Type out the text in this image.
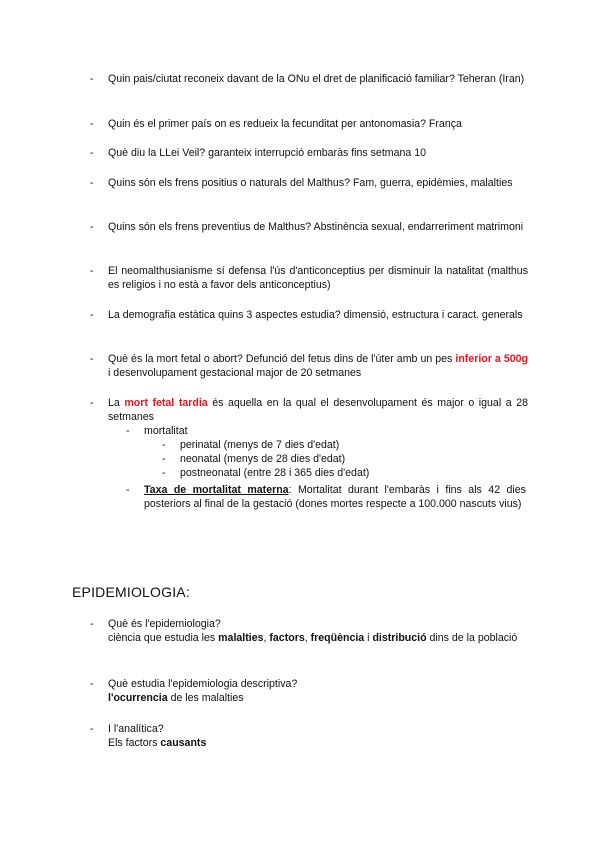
- Quin pais/ciutat reconeix davant de la ONu el dret de planificació familiar? Teheran (Iran)
- Quin és el primer país on es redueix la fecunditat per antonomasia? França
- Què diu la LLei Veil? garanteix interrupció embaràs fins setmana 10
- Quins són els frens positius o naturals del Malthus? Fam, guerra, epidèmies, malalties
- Quins són els frens preventius de Malthus? Abstinència sexual, endarreriment matrimoni
- El neomalthusianisme sí defensa l'ús d'anticonceptius per disminuir la natalitat (malthus es religios i no està a favor dels anticonceptius)
- La demografia estàtica quins 3 aspectes estudia? dimensió, estructura i caract. generals
- Què és la mort fetal o abort? Defunció del fetus dins de l'úter amb un pes inferior a 500g i desenvolupament gestacional major de 20 setmanes
- La mort fetal tardia és aquella en la qual el desenvolupament és major o igual a 28 setmanes
- mortalitat
- perinatal (menys de 7 dies d'edat)
- neonatal (menys de 28 dies d'edat)
- postneonatal (entre 28 i 365 dies d'edat)
- Taxa de mortalitat materna: Mortalitat durant l'embaràs i fins als 42 dies posteriors al final de la gestació (dones mortes respecte a 100.000 nascuts vius)
EPIDEMIOLOGIA:
- Què és l'epidemiologia?
ciència que estudia les malalties, factors, freqüència i distribució dins de la població
- Què estudia l'epidemiologia descriptiva?
l'ocurrencia de les malalties
- I l'analítica?
Els factors causants
